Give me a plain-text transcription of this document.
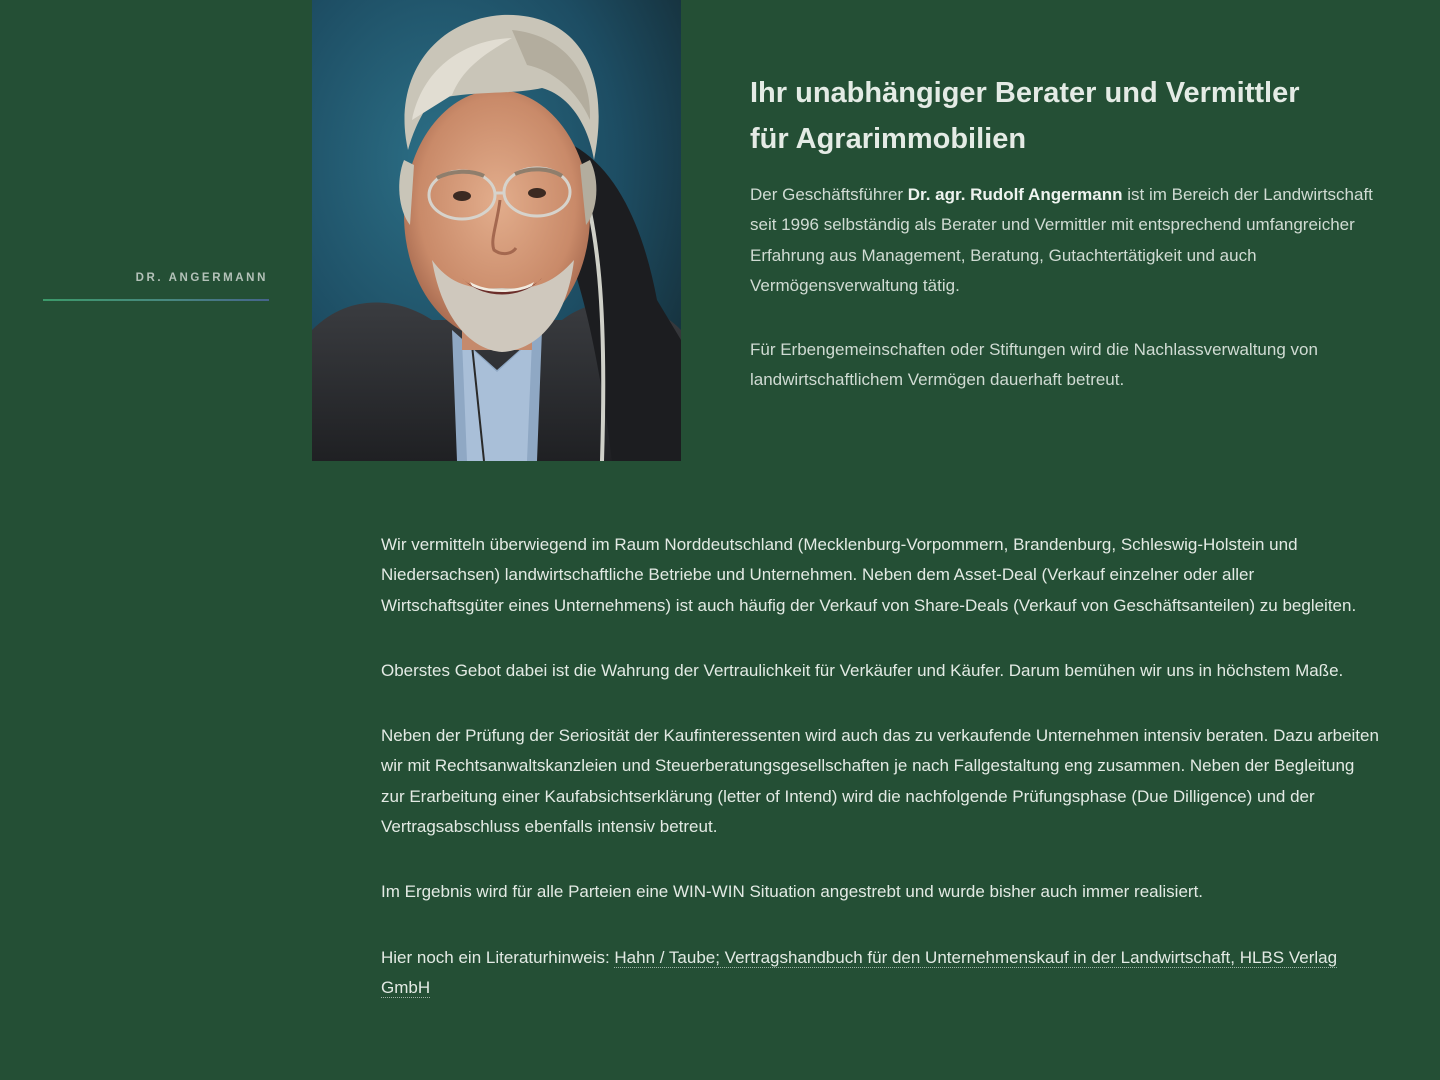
DR. ANGERMANN
Ihr unabhängiger Berater und Vermittler
für Agrarimmobilien

Der Geschäftsführer Dr. agr. Rudolf Angermann ist im Bereich der Landwirtschaft seit 1996 selbständig als Berater und Vermittler mit entsprechend umfangreicher Erfahrung aus Management, Beratung, Gutachtertätigkeit und auch Vermögensverwaltung tätig.

Für Erbengemeinschaften oder Stiftungen wird die Nachlassverwaltung von landwirtschaftlichem Vermögen dauerhaft betreut.

Wir vermitteln überwiegend im Raum Norddeutschland (Mecklenburg-Vorpommern, Brandenburg, Schleswig-Holstein und Niedersachsen) landwirtschaftliche Betriebe und Unternehmen. Neben dem Asset-Deal (Verkauf einzelner oder aller Wirtschaftsgüter eines Unternehmens) ist auch häufig der Verkauf von Share-Deals (Verkauf von Geschäftsanteilen) zu begleiten.

Oberstes Gebot dabei ist die Wahrung der Vertraulichkeit für Verkäufer und Käufer. Darum bemühen wir uns in höchstem Maße.

Neben der Prüfung der Seriosität der Kaufinteressenten wird auch das zu verkaufende Unternehmen intensiv beraten. Dazu arbeiten wir mit Rechtsanwaltskanzleien und Steuerberatungsgesellschaften je nach Fallgestaltung eng zusammen. Neben der Begleitung zur Erarbeitung einer Kaufabsichtserklärung (letter of Intend) wird die nachfolgende Prüfungsphase (Due Dilligence) und der Vertragsabschluss ebenfalls intensiv betreut.

Im Ergebnis wird für alle Parteien eine WIN-WIN Situation angestrebt und wurde bisher auch immer realisiert.

Hier noch ein Literaturhinweis: Hahn / Taube; Vertragshandbuch für den Unternehmenskauf in der Landwirtschaft, HLBS Verlag GmbH
